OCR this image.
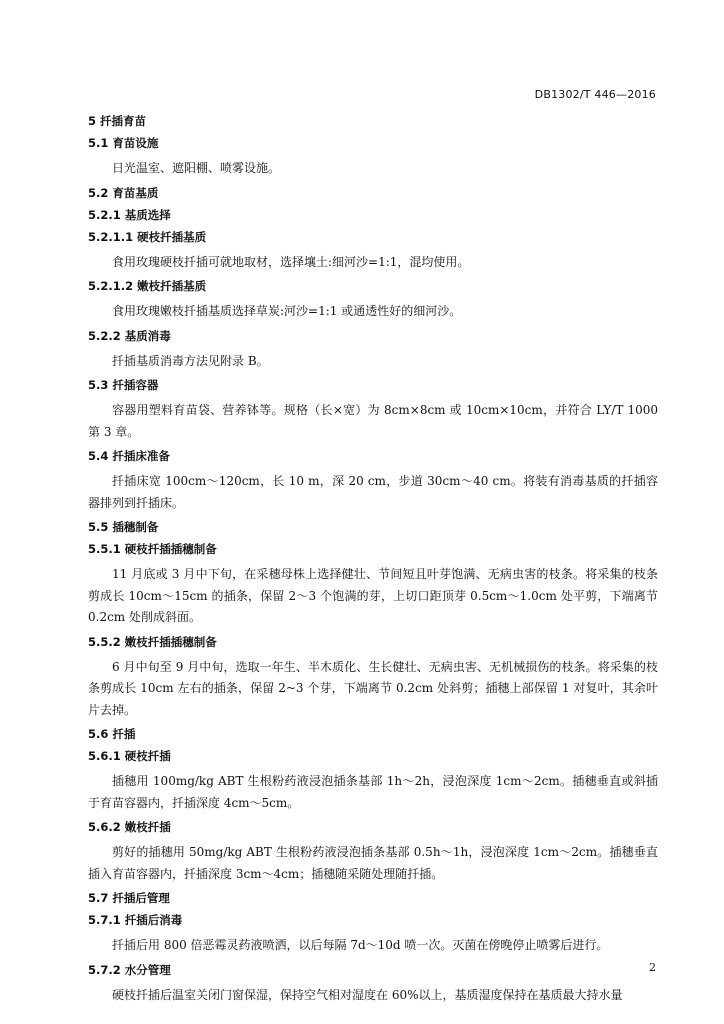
DB1302/T 446—2016
5 扦插育苗
5.1 育苗设施
日光温室、遮阳棚、喷雾设施。
5.2 育苗基质
5.2.1 基质选择
5.2.1.1 硬枝扦插基质
食用玫瑰硬枝扦插可就地取材，选择壤土:细河沙=1:1，混均使用。
5.2.1.2 嫩枝扦插基质
食用玫瑰嫩枝扦插基质选择草炭:河沙=1:1 或通透性好的细河沙。
5.2.2 基质消毒
扦插基质消毒方法见附录 B。
5.3 扦插容器
容器用塑料育苗袋、营养钵等。规格（长×宽）为 8cm×8cm 或 10cm×10cm，并符合 LY/T 1000 第 3 章。
5.4 扦插床准备
扦插床宽 100cm～120cm，长 10 m，深 20 cm，步道 30cm～40 cm。将装有消毒基质的扦插容器排列到扦插床。
5.5 插穗制备
5.5.1 硬枝扦插插穗制备
11 月底或 3 月中下旬，在采穗母株上选择健壮、节间短且叶芽饱满、无病虫害的枝条。将采集的枝条剪成长 10cm～15cm 的插条，保留 2～3 个饱满的芽，上切口距顶芽 0.5cm～1.0cm 处平剪，下端离节 0.2cm 处削成斜面。
5.5.2 嫩枝扦插插穗制备
6 月中旬至 9 月中旬，选取一年生、半木质化、生长健壮、无病虫害、无机械损伤的枝条。将采集的枝条剪成长 10cm 左右的插条，保留 2~3 个芽，下端离节 0.2cm 处斜剪；插穗上部保留 1 对复叶，其余叶片去掉。
5.6 扦插
5.6.1 硬枝扦插
插穗用 100mg/kg ABT 生根粉药液浸泡插条基部 1h～2h，浸泡深度 1cm～2cm。插穗垂直或斜插于育苗容器内，扦插深度 4cm～5cm。
5.6.2 嫩枝扦插
剪好的插穗用 50mg/kg ABT 生根粉药液浸泡插条基部 0.5h～1h，浸泡深度 1cm～2cm。插穗垂直插入育苗容器内，扦插深度 3cm～4cm；插穗随采随处理随扦插。
5.7 扦插后管理
5.7.1 扦插后消毒
扦插后用 800 倍恶霉灵药液喷洒，以后每隔 7d～10d 喷一次。灭菌在傍晚停止喷雾后进行。
5.7.2 水分管理
硬枝扦插后温室关闭门窗保湿，保持空气相对湿度在 60%以上，基质湿度保持在基质最大持水量
2
